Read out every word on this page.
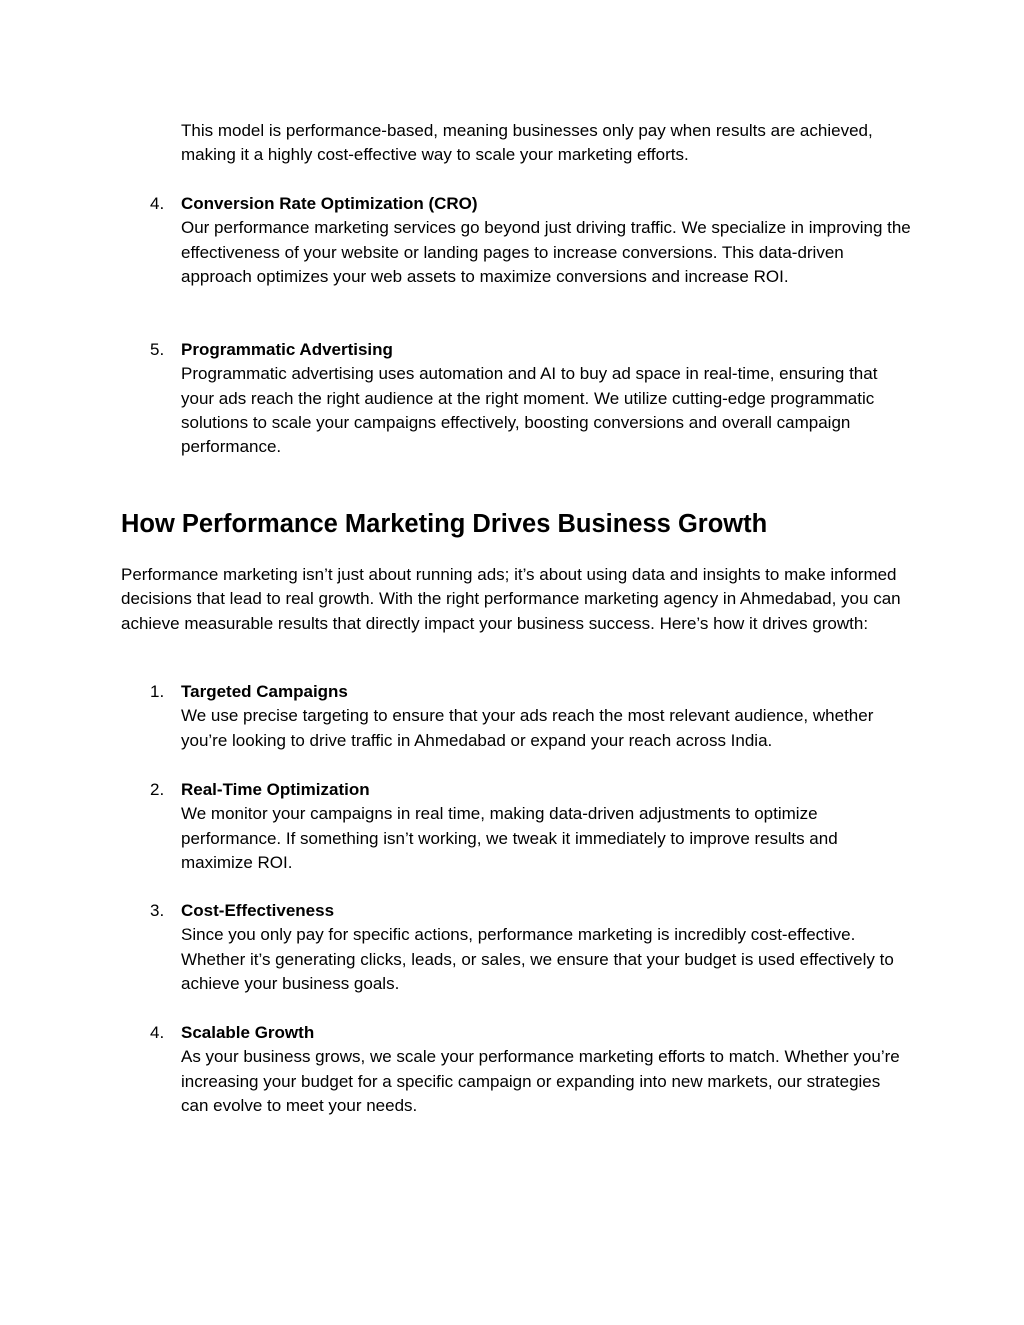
This model is performance-based, meaning businesses only pay when results are achieved, making it a highly cost-effective way to scale your marketing efforts.

4. Conversion Rate Optimization (CRO)
Our performance marketing services go beyond just driving traffic. We specialize in improving the effectiveness of your website or landing pages to increase conversions. This data-driven approach optimizes your web assets to maximize conversions and increase ROI.
5. Programmatic Advertising
Programmatic advertising uses automation and AI to buy ad space in real-time, ensuring that your ads reach the right audience at the right moment. We utilize cutting-edge programmatic solutions to scale your campaigns effectively, boosting conversions and overall campaign performance.
How Performance Marketing Drives Business Growth

Performance marketing isn’t just about running ads; it’s about using data and insights to make informed decisions that lead to real growth. With the right performance marketing agency in Ahmedabad, you can achieve measurable results that directly impact your business success. Here’s how it drives growth:

1. Targeted Campaigns
We use precise targeting to ensure that your ads reach the most relevant audience, whether you’re looking to drive traffic in Ahmedabad or expand your reach across India.
2. Real-Time Optimization
We monitor your campaigns in real time, making data-driven adjustments to optimize performance. If something isn’t working, we tweak it immediately to improve results and maximize ROI.
3. Cost-Effectiveness
Since you only pay for specific actions, performance marketing is incredibly cost-effective. Whether it’s generating clicks, leads, or sales, we ensure that your budget is used effectively to achieve your business goals.
4. Scalable Growth
As your business grows, we scale your performance marketing efforts to match. Whether you’re increasing your budget for a specific campaign or expanding into new markets, our strategies can evolve to meet your needs.
